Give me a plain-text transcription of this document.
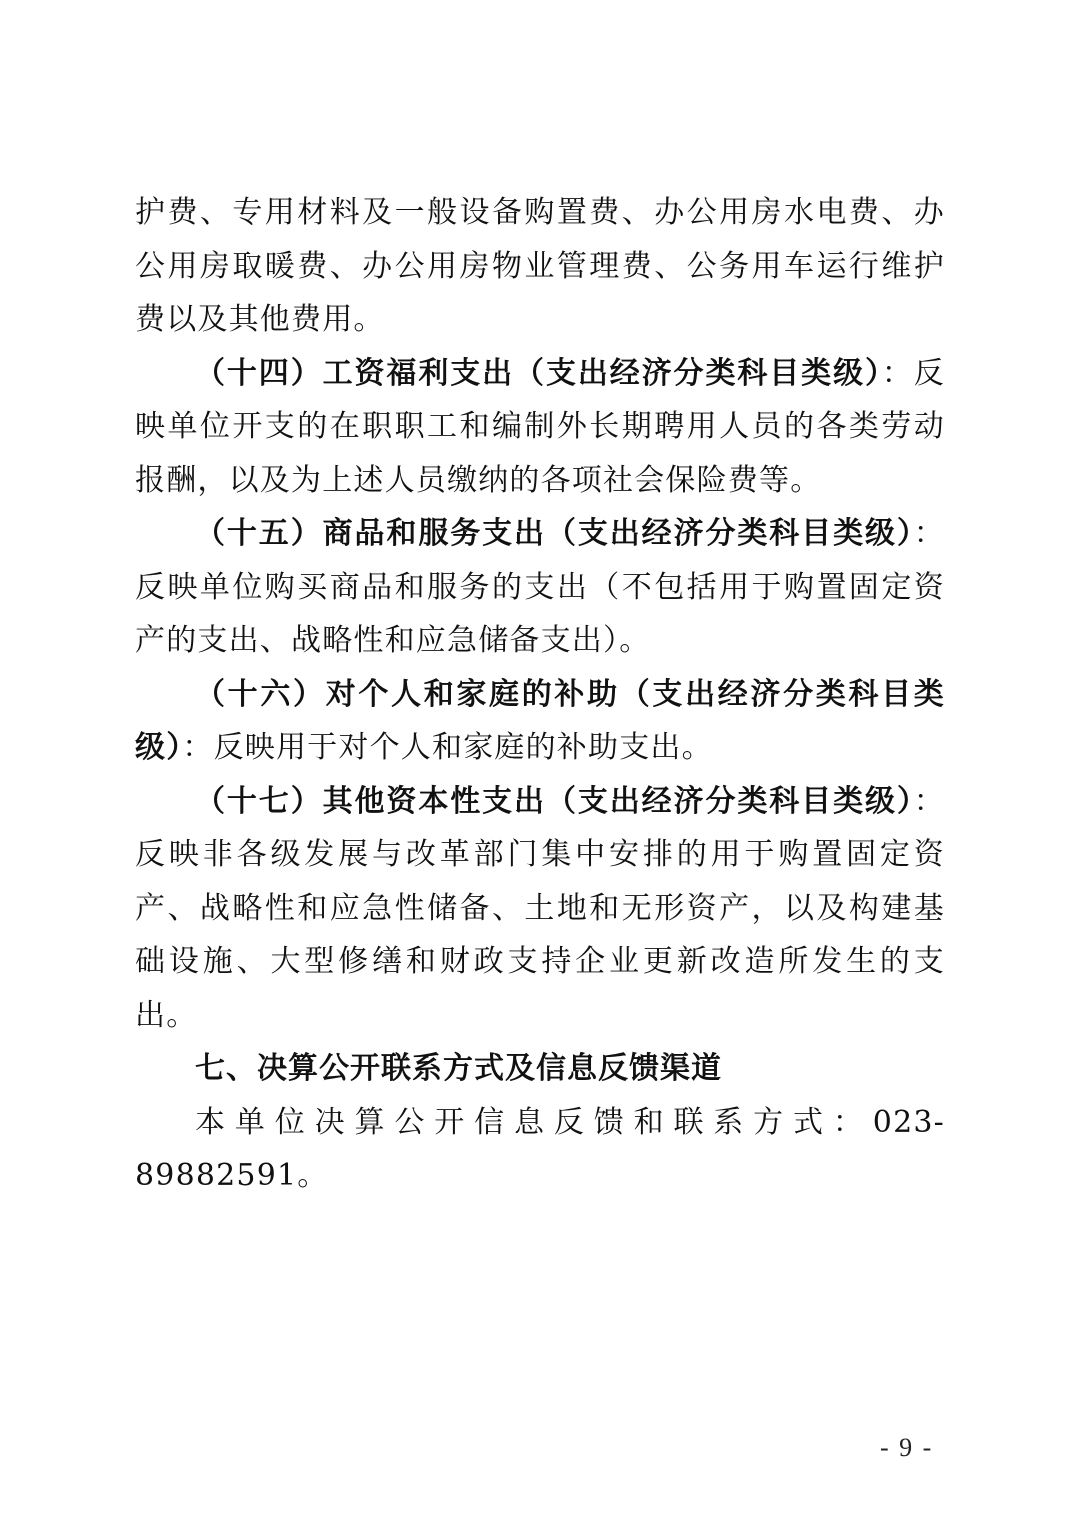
护费、专用材料及一般设备购置费、办公用房水电费、办公用房取暖费、办公用房物业管理费、公务用车运行维护费以及其他费用。

（十四）工资福利支出（支出经济分类科目类级）：反映单位开支的在职职工和编制外长期聘用人员的各类劳动报酬，以及为上述人员缴纳的各项社会保险费等。

（十五）商品和服务支出（支出经济分类科目类级）：反映单位购买商品和服务的支出（不包括用于购置固定资产的支出、战略性和应急储备支出）。

（十六）对个人和家庭的补助（支出经济分类科目类级）：反映用于对个人和家庭的补助支出。

（十七）其他资本性支出（支出经济分类科目类级）：反映非各级发展与改革部门集中安排的用于购置固定资产、战略性和应急性储备、土地和无形资产，以及构建基础设施、大型修缮和财政支持企业更新改造所发生的支出。

七、决算公开联系方式及信息反馈渠道

本单位决算公开信息反馈和联系方式：023-89882591。

- 9 -
